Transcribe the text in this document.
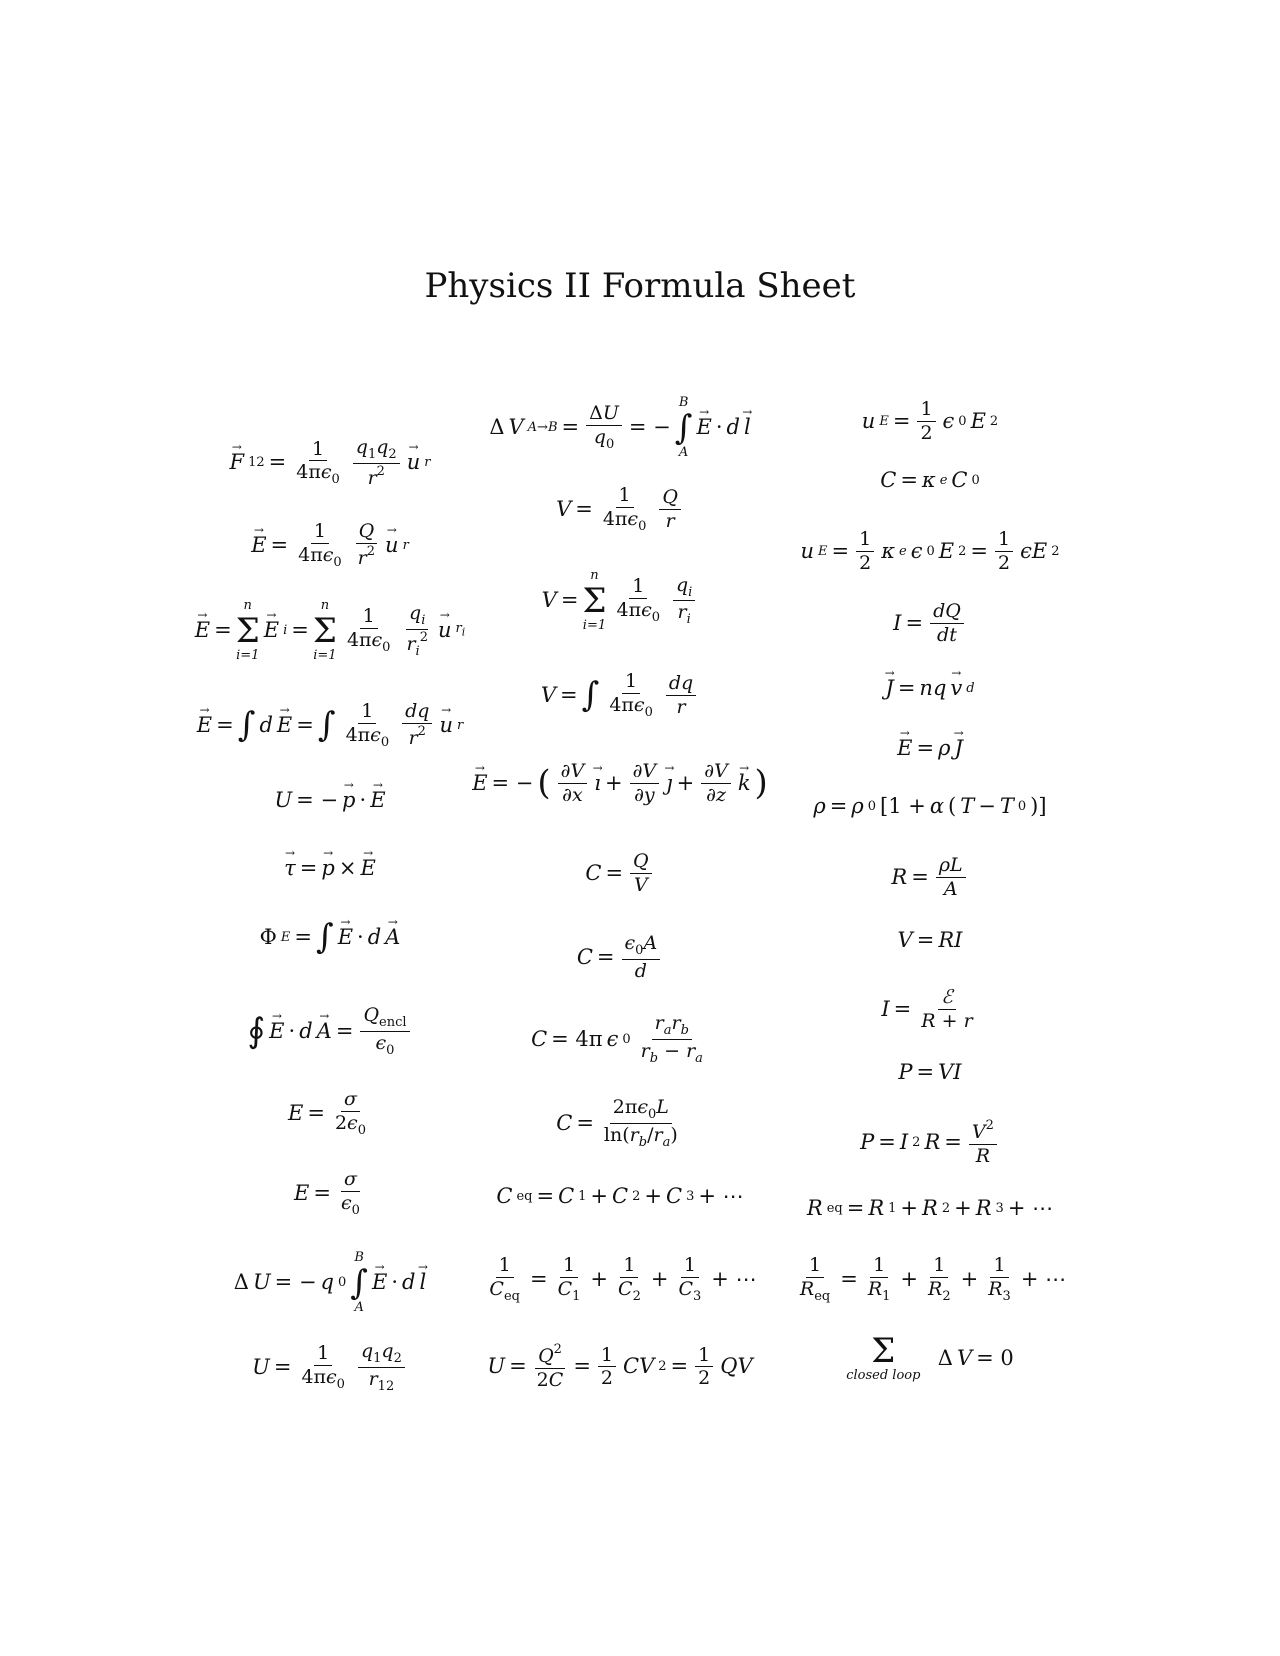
Physics II Formula Sheet
→ F $12 = \frac{1}{4\pi\epsilon_0} \frac{q_1q_2}{r^2}$
→ u r
→ $E = \frac{1}{4\pi\epsilon_0} \frac{Q}{r^2}$
→ u r
→ E =
n
Σ
i=1
→ E i =
n
Σ
$i=1 \frac{1}{4\pi\epsilon_0} \frac{q_i}{r_i^2}$
→ u $r_i$
→ E = ∫ d
→ E = ∫ $\frac{1}{4\pi\epsilon_0} \frac{dq}{r^2}$
→ u r
U = −
→ p ·
→ E
→ τ =
→ p ×
→ E
Φ E = ∫
→ E · d
→ A
∮
→ E · d
→ $A = \frac{Q_{encl}}{\epsilon_0}$
$E = \frac{\sigma}{2\epsilon_0}$
$E = \frac{\sigma}{\epsilon_0}$
Δ U = − q 0
B
∫
A
→ E · d
→ l
$U = \frac{1}{4\pi\epsilon_0} \frac{q_1q_2}{r_{12}}$
Δ V $A\to B = \frac{\Delta U}{q_0}$ = −
B
∫
A
→ E · d
→ l
$V = \frac{1}{4\pi\epsilon_0} \frac{Q}{r}$
V =
n
Σ
$i=1 \frac{1}{4\pi\epsilon_0} \frac{q_i}{r_i}$
V = ∫ $\frac{1}{4\pi\epsilon_0} \frac{dq}{r}$
→ E = − ( $\frac{\partial V}{\partial x}$
→ ı + $\frac{\partial V}{\partial y}$
→ ȷ + $\frac{\partial V}{\partial z}$
→ k )
$C = \frac{Q}{V}$
$C = \frac{\epsilon_0A}{d}$
C = 4π ϵ $0 \frac{r_ar_b}{r_b - r_a}$
$C = \frac{2\pi\epsilon_0L}{\ln(r_b/r_a)}$
C eq = C 1 + C 2 + C 3 + ⋯
$\frac{1}{C_{eq}} = \frac{1}{C_1} + \frac{1}{C_2} + \frac{1}{C_3}$ + ⋯
$U = \frac{Q^2}{2C} = \frac{1}{2}$ CV $2 = \frac{1}{2}$ QV
u $E = \frac{1}{2}$ ϵ 0 E 2
C = κ e C 0
u $E = \frac{1}{2}$ κ e ϵ 0 E $2 = \frac{1}{2}$ ϵE 2
$I = \frac{dQ}{dt}$
→ J = nq
→ v d
→ E = ρ
→ J
ρ = ρ 0 [1 + α ( T − T 0 )]
$R = \frac{\rho L}{A}$
V = RI
$I = \frac{\text{ℰ}}{R + r}$
P = VI
P = I 2 $R = \frac{V^2}{R}$
R eq = R 1 + R 2 + R 3 + ⋯
$\frac{1}{R_{eq}} = \frac{1}{R_1} + \frac{1}{R_2} + \frac{1}{R_3}$ + ⋯
Σ
closed loop
Δ V = 0
